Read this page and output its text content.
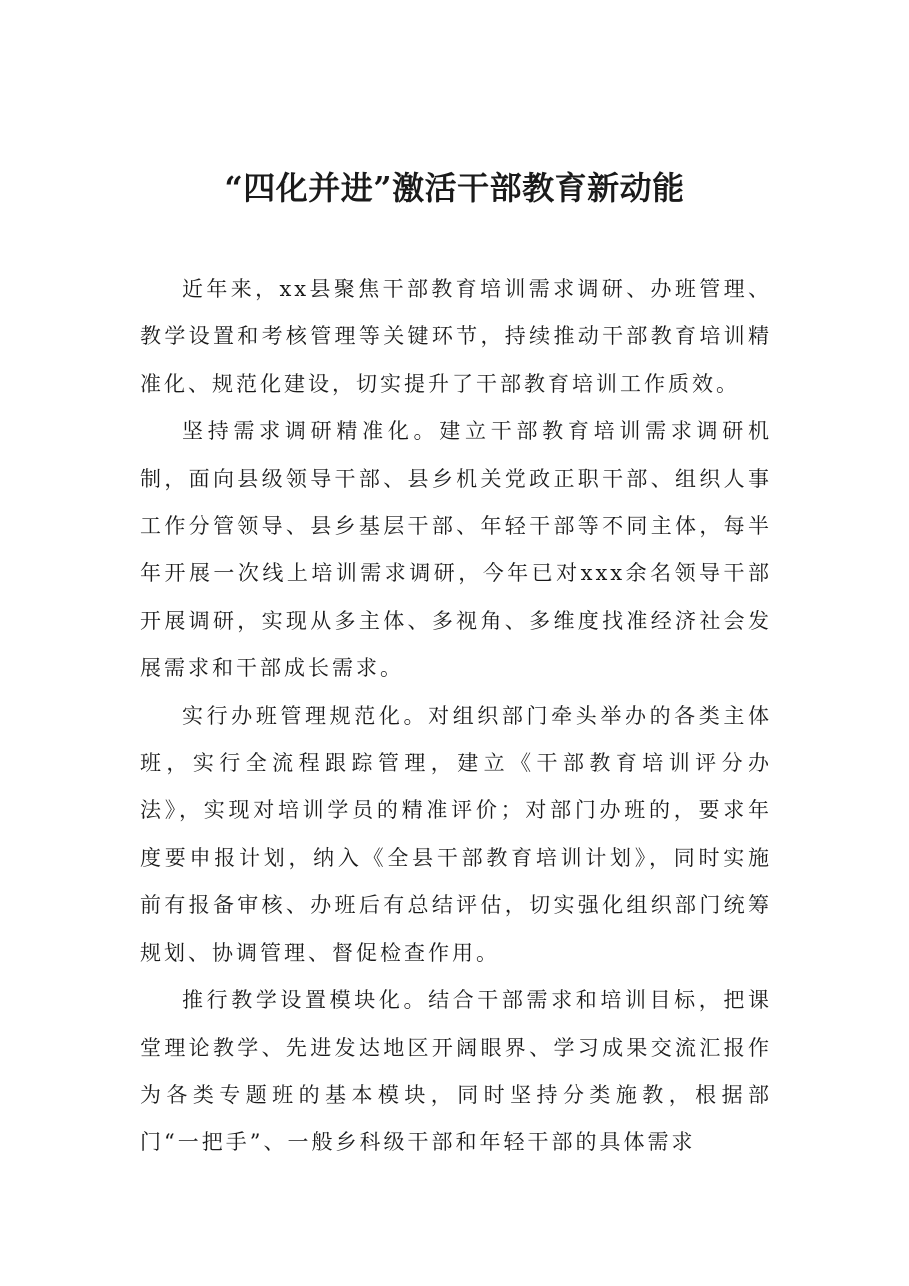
“四化并进”激活干部教育新动能

近年来，xx县聚焦干部教育培训需求调研、办班管理、教学设置和考核管理等关键环节，持续推动干部教育培训精准化、规范化建设，切实提升了干部教育培训工作质效。

坚持需求调研精准化。建立干部教育培训需求调研机制，面向县级领导干部、县乡机关党政正职干部、组织人事工作分管领导、县乡基层干部、年轻干部等不同主体，每半年开展一次线上培训需求调研，今年已对xxx余名领导干部开展调研，实现从多主体、多视角、多维度找准经济社会发展需求和干部成长需求。

实行办班管理规范化。对组织部门牵头举办的各类主体班，实行全流程跟踪管理，建立《干部教育培训评分办法》，实现对培训学员的精准评价；对部门办班的，要求年度要申报计划，纳入《全县干部教育培训计划》，同时实施前有报备审核、办班后有总结评估，切实强化组织部门统筹规划、协调管理、督促检查作用。

推行教学设置模块化。结合干部需求和培训目标，把课堂理论教学、先进发达地区开阔眼界、学习成果交流汇报作为各类专题班的基本模块，同时坚持分类施教，根据部门“一把手”、一般乡科级干部和年轻干部的具体需求
